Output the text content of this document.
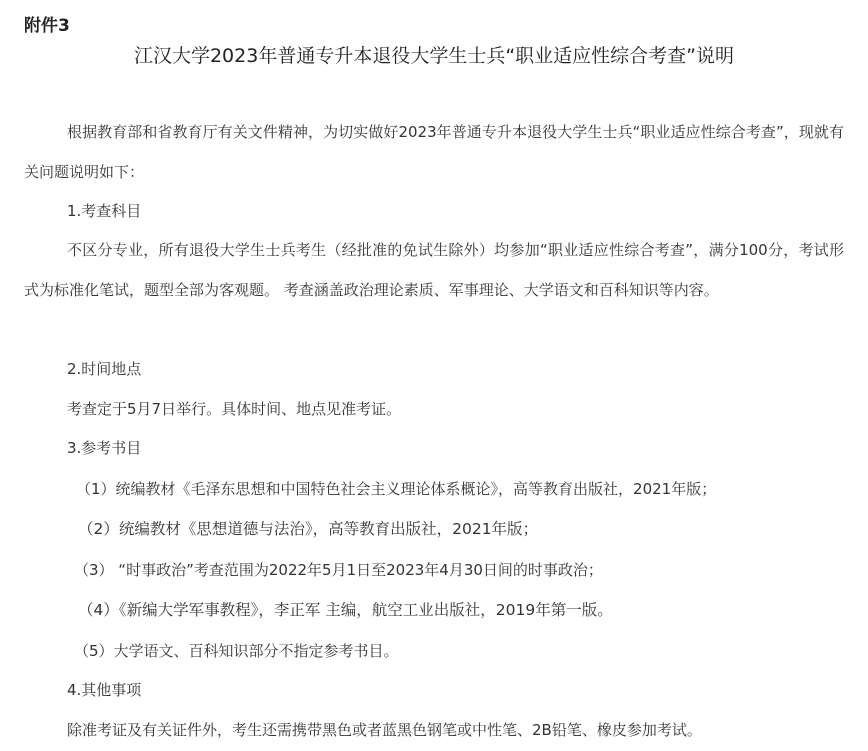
附件3
江汉大学2023年普通专升本退役大学生士兵“职业适应性综合考查”说明
根据教育部和省教育厅有关文件精神，为切实做好2023年普通专升本退役大学生士兵“职业适应性综合考查”，现就有关问题说明如下：
1.考查科目
不区分专业，所有退役大学生士兵考生（经批准的免试生除外）均参加“职业适应性综合考查”，满分100分，考试形式为标准化笔试，题型全部为客观题。 考查涵盖政治理论素质、军事理论、大学语文和百科知识等内容。
2.时间地点
考查定于5月7日举行。具体时间、地点见准考证。
3.参考书目
（1）统编教材《毛泽东思想和中国特色社会主义理论体系概论》，高等教育出版社，2021年版；
（2）统编教材《思想道德与法治》，高等教育出版社，2021年版；
（3） “时事政治”考查范围为2022年5月1日至2023年4月30日间的时事政治；
（4）《新编大学军事教程》，李正军 主编，航空工业出版社，2019年第一版。
（5）大学语文、百科知识部分不指定参考书目。
4.其他事项
除准考证及有关证件外，考生还需携带黑色或者蓝黑色钢笔或中性笔、2B铅笔、橡皮参加考试。
